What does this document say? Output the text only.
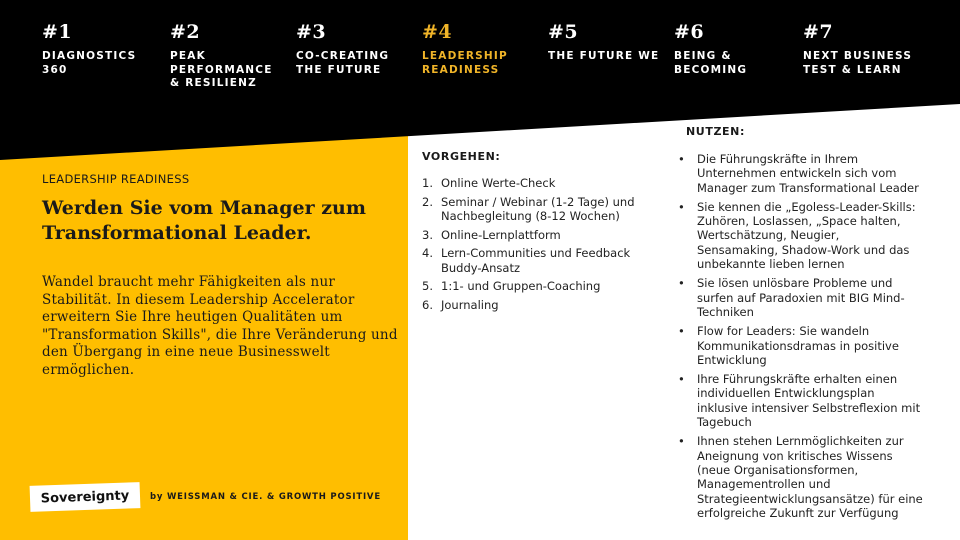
#1
DIAGNOSTICS
360
#2
PEAK
PERFORMANCE
& RESILIENZ
#3
CO-CREATING
THE FUTURE
#4
LEADERSHIP
READINESS
#5
THE FUTURE WE
#6
BEING &
BECOMING
#7
NEXT BUSINESS
TEST & LEARN
LEADERSHIP READINESS
Werden Sie vom Manager zum Transformational Leader.

Wandel braucht mehr Fähigkeiten als nur Stabilität. In diesem Leadership Accelerator erweitern Sie Ihre heutigen Qualitäten um "Transformation Skills", die Ihre Veränderung und den Übergang in eine neue Businesswelt ermöglichen.

Sovereignty by WEISSMAN & CIE. & GROWTH POSITIVE
VORGEHEN:
1. Online Werte-Check
2. Seminar / Webinar (1-2 Tage) und Nachbegleitung (8-12 Wochen)
3. Online-Lernplattform
4. Lern-Communities und Feedback Buddy-Ansatz
5. 1:1- und Gruppen-Coaching
6. Journaling
NUTZEN:
•	Die Führungskräfte in Ihrem Unternehmen entwickeln sich vom Manager zum Transformational Leader
•	Sie kennen die „Egoless-Leader-Skills: Zuhören, Loslassen, „Space halten, Wertschätzung, Neugier, Sensamaking, Shadow-Work und das unbekannte lieben lernen
•	Sie lösen unlösbare Probleme und surfen auf Paradoxien mit BIG Mind-Techniken
•	Flow for Leaders: Sie wandeln Kommunikationsdramas in positive Entwicklung
•	Ihre Führungskräfte erhalten einen individuellen Entwicklungsplan inklusive intensiver Selbstreflexion mit Tagebuch
•	Ihnen stehen Lernmöglichkeiten zur Aneignung von kritisches Wissens (neue Organisationsformen, Managementrollen und Strategieentwicklungsansätze) für eine erfolgreiche Zukunft zur Verfügung
